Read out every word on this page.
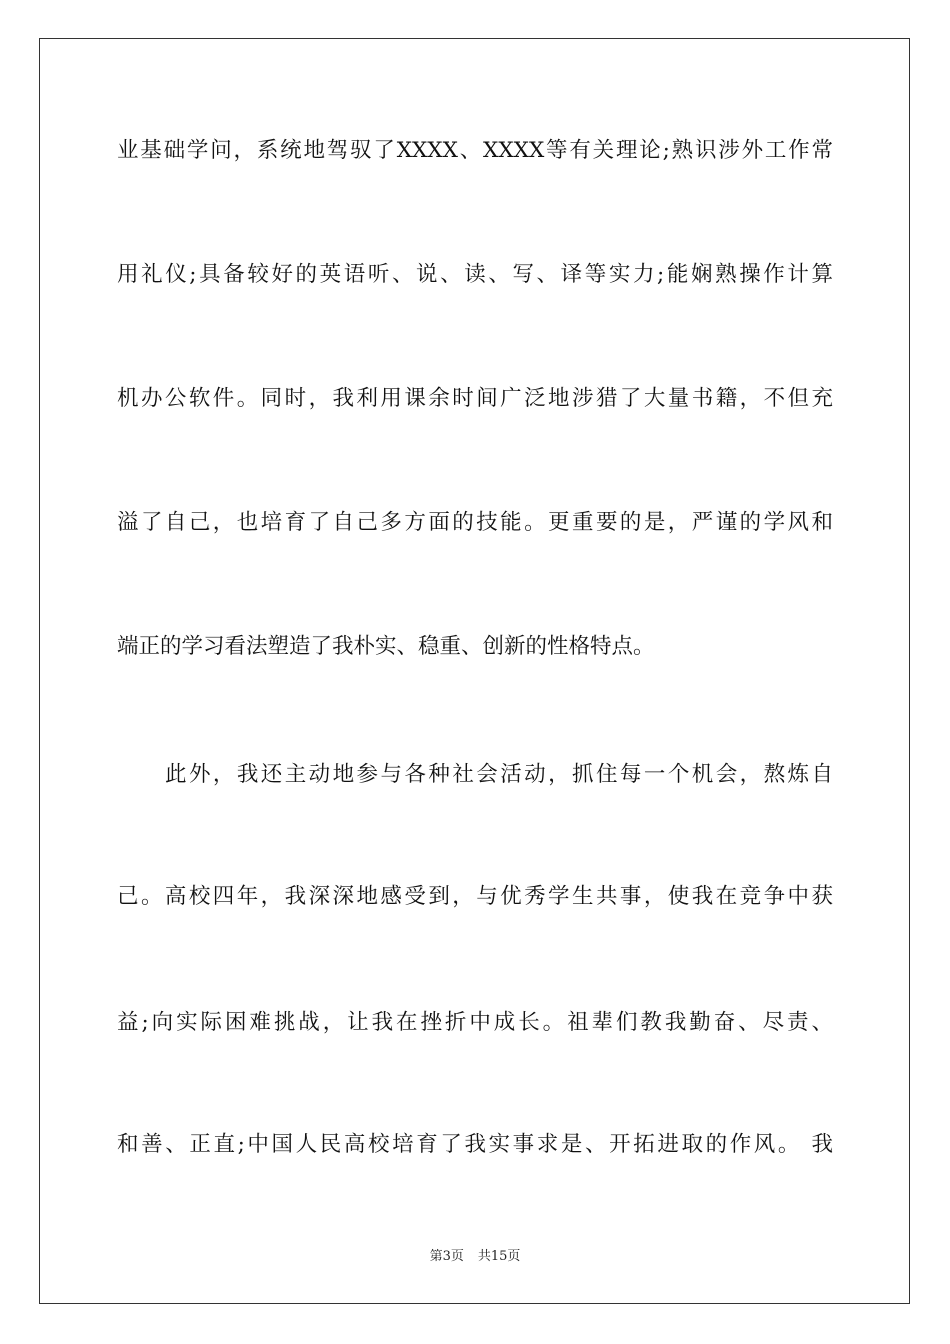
业基础学问，系统地驾驭了XXXX、XXXX等有关理论;熟识涉外工作常
用礼仪;具备较好的英语听、说、读、写、译等实力;能娴熟操作计算
机办公软件。同时，我利用课余时间广泛地涉猎了大量书籍，不但充
溢了自己，也培育了自己多方面的技能。更重要的是，严谨的学风和
端正的学习看法塑造了我朴实、稳重、创新的性格特点。
此外，我还主动地参与各种社会活动，抓住每一个机会，熬炼自
己。高校四年，我深深地感受到，与优秀学生共事，使我在竞争中获
益;向实际困难挑战，让我在挫折中成长。祖辈们教我勤奋、尽责、
和善、正直;中国人民高校培育了我实事求是、开拓进取的作风。 我
第3页 共15页
